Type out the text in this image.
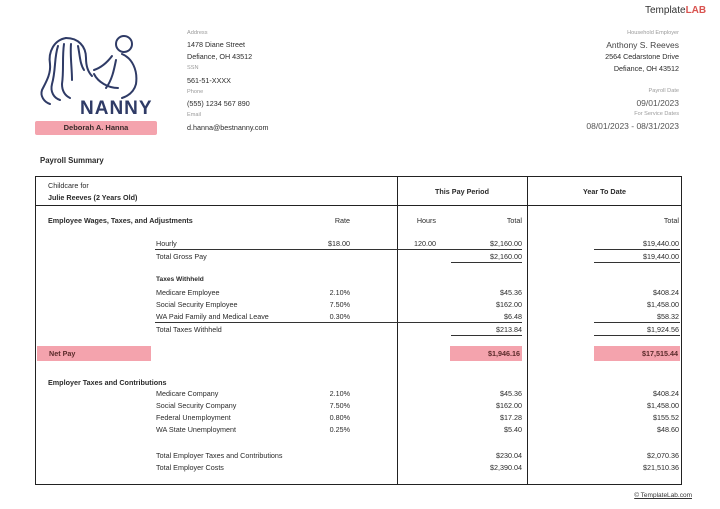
TemplateLAB
NANNY
Deborah A. Hanna
Address
1478 Diane Street
Defiance, OH 43512
SSN
561-51-XXXX
Phone
(555) 1234 567 890
Email
d.hanna@bestnanny.com
Household Employer
Anthony S. Reeves
2564 Cedarstone Drive
Defiance, OH 43512
Payroll Date
09/01/2023
For Service Dates
08/01/2023 - 08/31/2023
Payroll Summary
Childcare for
Julie Reeves (2 Years Old)
This Pay Period	Year To Date
Employee Wages, Taxes, and Adjustments	Rate	Hours	Total	Total
Hourly	$18.00	120.00	$2,160.00	$19,440.00
Total Gross Pay	$2,160.00	$19,440.00
Taxes Withheld
Medicare Employee	2.10%	$45.36	$408.24
Social Security Employee	7.50%	$162.00	$1,458.00
WA Paid Family and Medical Leave	0.30%	$6.48	$58.32
Total Taxes Withheld	$213.84	$1,924.56
Net Pay	$1,946.16	$17,515.44
Employer Taxes and Contributions
Medicare Company	2.10%	$45.36	$408.24
Social Security Company	7.50%	$162.00	$1,458.00
Federal Unemployment	0.80%	$17.28	$155.52
WA State Unemployment	0.25%	$5.40	$48.60
Total Employer Taxes and Contributions	$230.04	$2,070.36
Total Employer Costs	$2,390.04	$21,510.36
© TemplateLab.com
